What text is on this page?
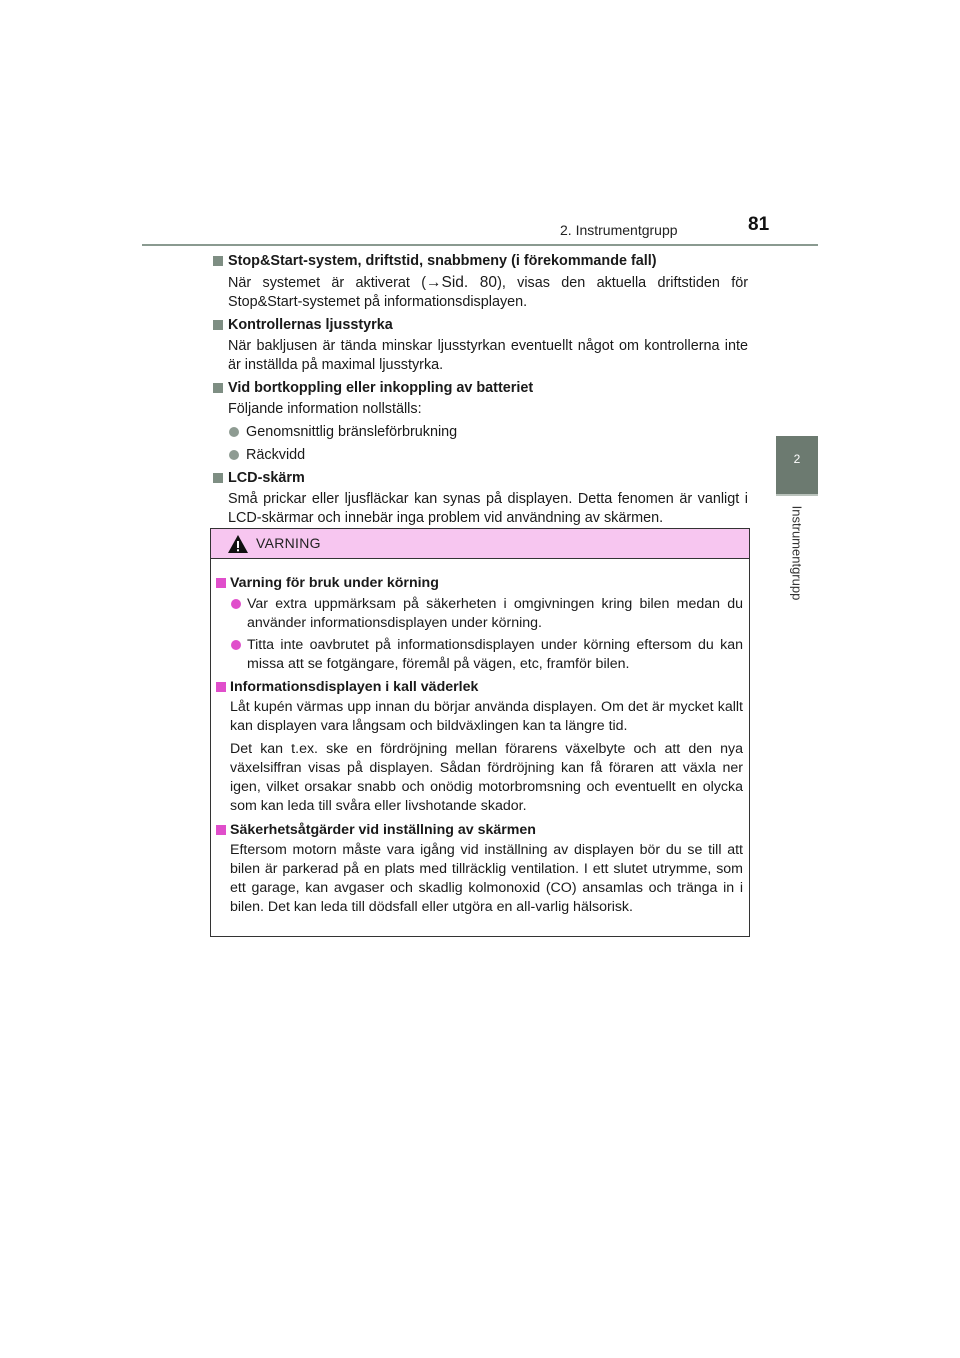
2. Instrumentgrupp	81
2
Instrumentgrupp
Stop&Start-system, driftstid, snabbmeny (i förekommande fall)
När systemet är aktiverat (→Sid. 80), visas den aktuella driftstiden för Stop&Start-systemet på informationsdisplayen.
Kontrollernas ljusstyrka
När bakljusen är tända minskar ljusstyrkan eventuellt något om kontrollerna inte är inställda på maximal ljusstyrka.
Vid bortkoppling eller inkoppling av batteriet
Följande information nollställs:
Genomsnittlig bränsleförbrukning
Räckvidd
LCD-skärm
Små prickar eller ljusfläckar kan synas på displayen. Detta fenomen är vanligt i LCD-skärmar och innebär inga problem vid användning av skärmen.
VARNING
Varning för bruk under körning
Var extra uppmärksam på säkerheten i omgivningen kring bilen medan du använder informationsdisplayen under körning.
Titta inte oavbrutet på informationsdisplayen under körning eftersom du kan missa att se fotgängare, föremål på vägen, etc, framför bilen.
Informationsdisplayen i kall väderlek
Låt kupén värmas upp innan du börjar använda displayen. Om det är mycket kallt kan displayen vara långsam och bildväxlingen kan ta längre tid.
Det kan t.ex. ske en fördröjning mellan förarens växelbyte och att den nya växelsiffran visas på displayen. Sådan fördröjning kan få föraren att växla ner igen, vilket orsakar snabb och onödig motorbromsning och eventuellt en olycka som kan leda till svåra eller livshotande skador.
Säkerhetsåtgärder vid inställning av skärmen
Eftersom motorn måste vara igång vid inställning av displayen bör du se till att bilen är parkerad på en plats med tillräcklig ventilation. I ett slutet utrymme, som ett garage, kan avgaser och skadlig kolmonoxid (CO) ansamlas och tränga in i bilen. Det kan leda till dödsfall eller utgöra en all-varlig hälsorisk.
